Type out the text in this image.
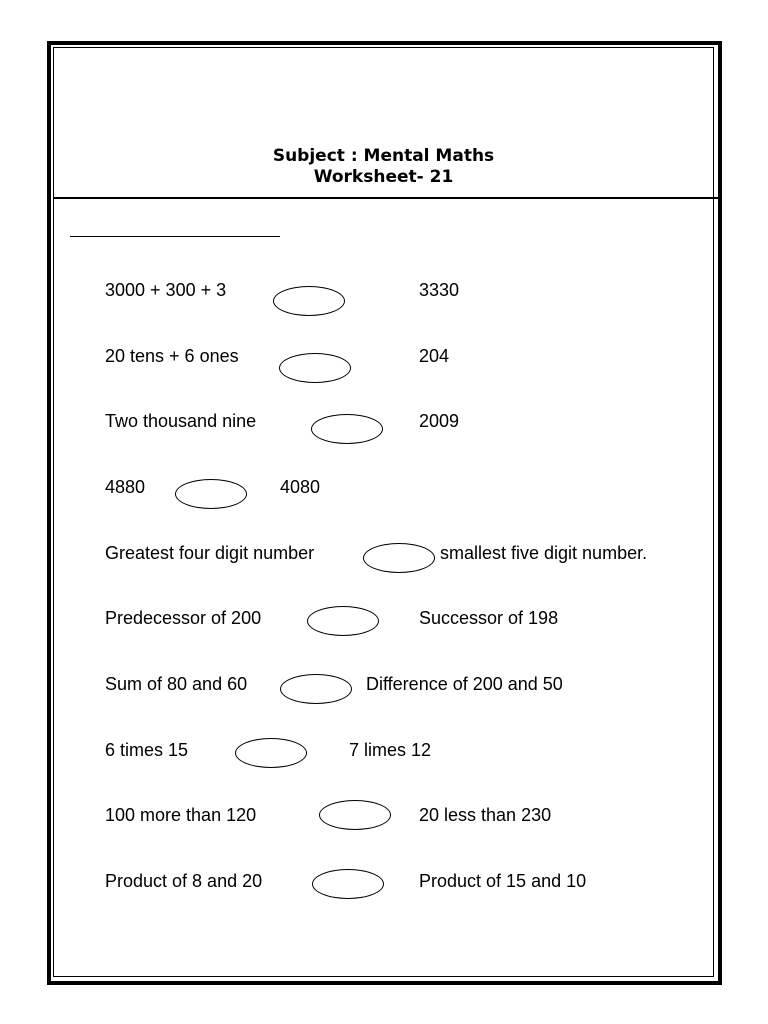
Subject : Mental Maths
Worksheet- 21
3000 + 300 + 3	3330
20 tens + 6 ones	204
Two thousand nine	2009
4880	4080
Greatest four digit number	smallest five digit number.
Predecessor of 200	Successor of 198
Sum of 80 and 60	Difference of 200 and 50
6 times 15	7 limes 12
100 more than 120	20 less than 230
Product of 8 and 20	Product of 15 and 10
